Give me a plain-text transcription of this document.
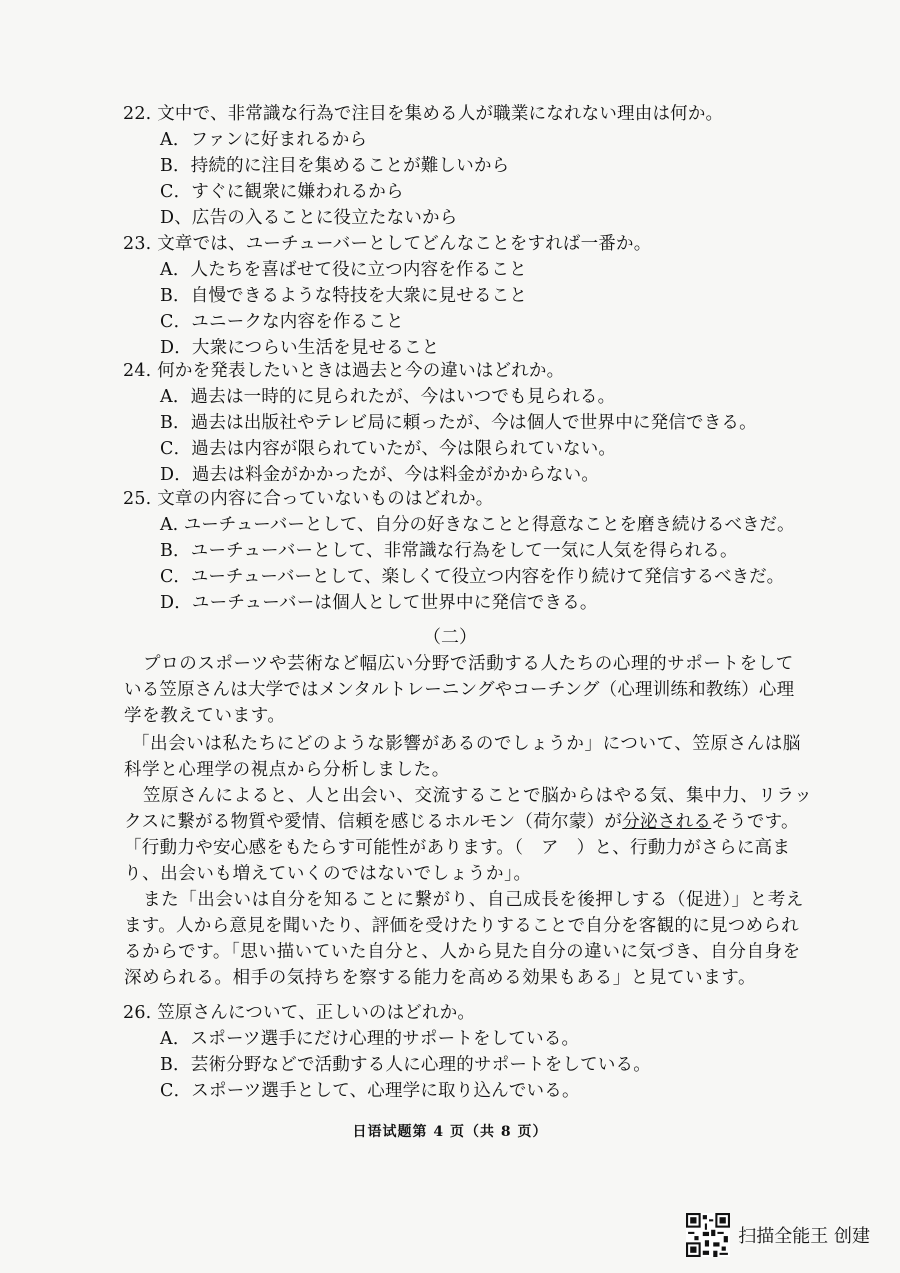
22. 文中で、非常識な行為で注目を集める人が職業になれない理由は何か。
A．ファンに好まれるから
B．持続的に注目を集めることが難しいから
C．すぐに観衆に嫌われるから
D、広告の入ることに役立たないから
23. 文章では、ユーチューバーとしてどんなことをすれば一番か。
A．人たちを喜ばせて役に立つ内容を作ること
B．自慢できるような特技を大衆に見せること
C．ユニークな内容を作ること
D．大衆につらい生活を見せること
24. 何かを発表したいときは過去と今の違いはどれか。
A．過去は一時的に見られたが、今はいつでも見られる。
B．過去は出版社やテレビ局に頼ったが、今は個人で世界中に発信できる。
C．過去は内容が限られていたが、今は限られていない。
D．過去は料金がかかったが、今は料金がかからない。
25. 文章の内容に合っていないものはどれか。
A. ユーチューバーとして、自分の好きなことと得意なことを磨き続けるべきだ。
B．ユーチューバーとして、非常識な行為をして一気に人気を得られる。
C．ユーチューバーとして、楽しくて役立つ内容を作り続けて発信するべきだ。
D．ユーチューバーは個人として世界中に発信できる。
（二）
プロのスポーツや芸術など幅広い分野で活動する人たちの心理的サポートをして
いる笠原さんは大学ではメンタルトレーニングやコーチング（心理训练和教练）心理
学を教えています。
「出会いは私たちにどのような影響があるのでしょうか」について、笠原さんは脳
科学と心理学の視点から分析しました。
笠原さんによると、人と出会い、交流することで脳からはやる気、集中力、リラッ
クスに繋がる物質や愛情、信頼を感じるホルモン（荷尔蒙）が分泌されるそうです。
「行動力や安心感をもたらす可能性があります。（　ア　）と、行動力がさらに高ま
り、出会いも増えていくのではないでしょうか」。
また「出会いは自分を知ることに繋がり、自己成長を後押しする（促进）」と考え
ます。人から意見を聞いたり、評価を受けたりすることで自分を客観的に見つめられ
るからです。「思い描いていた自分と、人から見た自分の違いに気づき、自分自身を
深められる。相手の気持ちを察する能力を高める効果もある」と見ています。
26. 笠原さんについて、正しいのはどれか。
A．スポーツ選手にだけ心理的サポートをしている。
B．芸術分野などで活動する人に心理的サポートをしている。
C．スポーツ選手として、心理学に取り込んでいる。
日语试题第 4 页（共 8 页）
扫描全能王 创建
